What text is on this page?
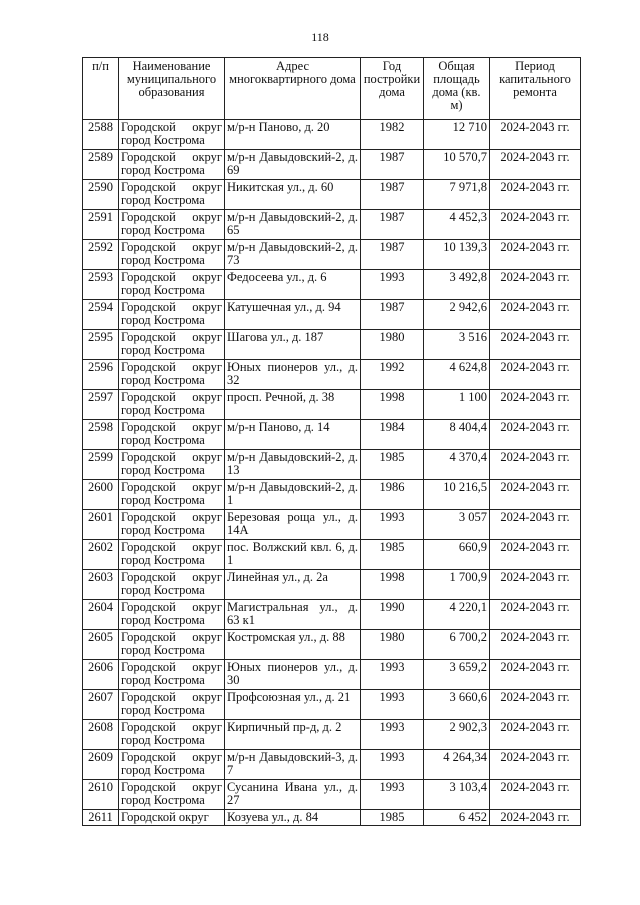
118
п/п	Наименование муниципального образования	Адрес многоквартирного дома	Год постройки дома	Общая площадь дома (кв. м)	Период капитального ремонта
2588	Городской округ город Кострома	м/р-н Паново, д. 20	1982	12 710	2024-2043 гг.
2589	Городской округ город Кострома	м/р-н Давыдовский-2, д. 69	1987	10 570,7	2024-2043 гг.
2590	Городской округ город Кострома	Никитская ул., д. 60	1987	7 971,8	2024-2043 гг.
2591	Городской округ город Кострома	м/р-н Давыдовский-2, д. 65	1987	4 452,3	2024-2043 гг.
2592	Городской округ город Кострома	м/р-н Давыдовский-2, д. 73	1987	10 139,3	2024-2043 гг.
2593	Городской округ город Кострома	Федосеева ул., д. 6	1993	3 492,8	2024-2043 гг.
2594	Городской округ город Кострома	Катушечная ул., д. 94	1987	2 942,6	2024-2043 гг.
2595	Городской округ город Кострома	Шагова ул., д. 187	1980	3 516	2024-2043 гг.
2596	Городской округ город Кострома	Юных пионеров ул., д. 32	1992	4 624,8	2024-2043 гг.
2597	Городской округ город Кострома	просп. Речной, д. 38	1998	1 100	2024-2043 гг.
2598	Городской округ город Кострома	м/р-н Паново, д. 14	1984	8 404,4	2024-2043 гг.
2599	Городской округ город Кострома	м/р-н Давыдовский-2, д. 13	1985	4 370,4	2024-2043 гг.
2600	Городской округ город Кострома	м/р-н Давыдовский-2, д. 1	1986	10 216,5	2024-2043 гг.
2601	Городской округ город Кострома	Березовая роща ул., д. 14А	1993	3 057	2024-2043 гг.
2602	Городской округ город Кострома	пос. Волжский квл. 6, д. 1	1985	660,9	2024-2043 гг.
2603	Городской округ город Кострома	Линейная ул., д. 2а	1998	1 700,9	2024-2043 гг.
2604	Городской округ город Кострома	Магистральная ул., д. 63 к1	1990	4 220,1	2024-2043 гг.
2605	Городской округ город Кострома	Костромская ул., д. 88	1980	6 700,2	2024-2043 гг.
2606	Городской округ город Кострома	Юных пионеров ул., д. 30	1993	3 659,2	2024-2043 гг.
2607	Городской округ город Кострома	Профсоюзная ул., д. 21	1993	3 660,6	2024-2043 гг.
2608	Городской округ город Кострома	Кирпичный пр-д, д. 2	1993	2 902,3	2024-2043 гг.
2609	Городской округ город Кострома	м/р-н Давыдовский-3, д. 7	1993	4 264,34	2024-2043 гг.
2610	Городской округ город Кострома	Сусанина Ивана ул., д. 27	1993	3 103,4	2024-2043 гг.
2611	Городской округ	Козуева ул., д. 84	1985	6 452	2024-2043 гг.
